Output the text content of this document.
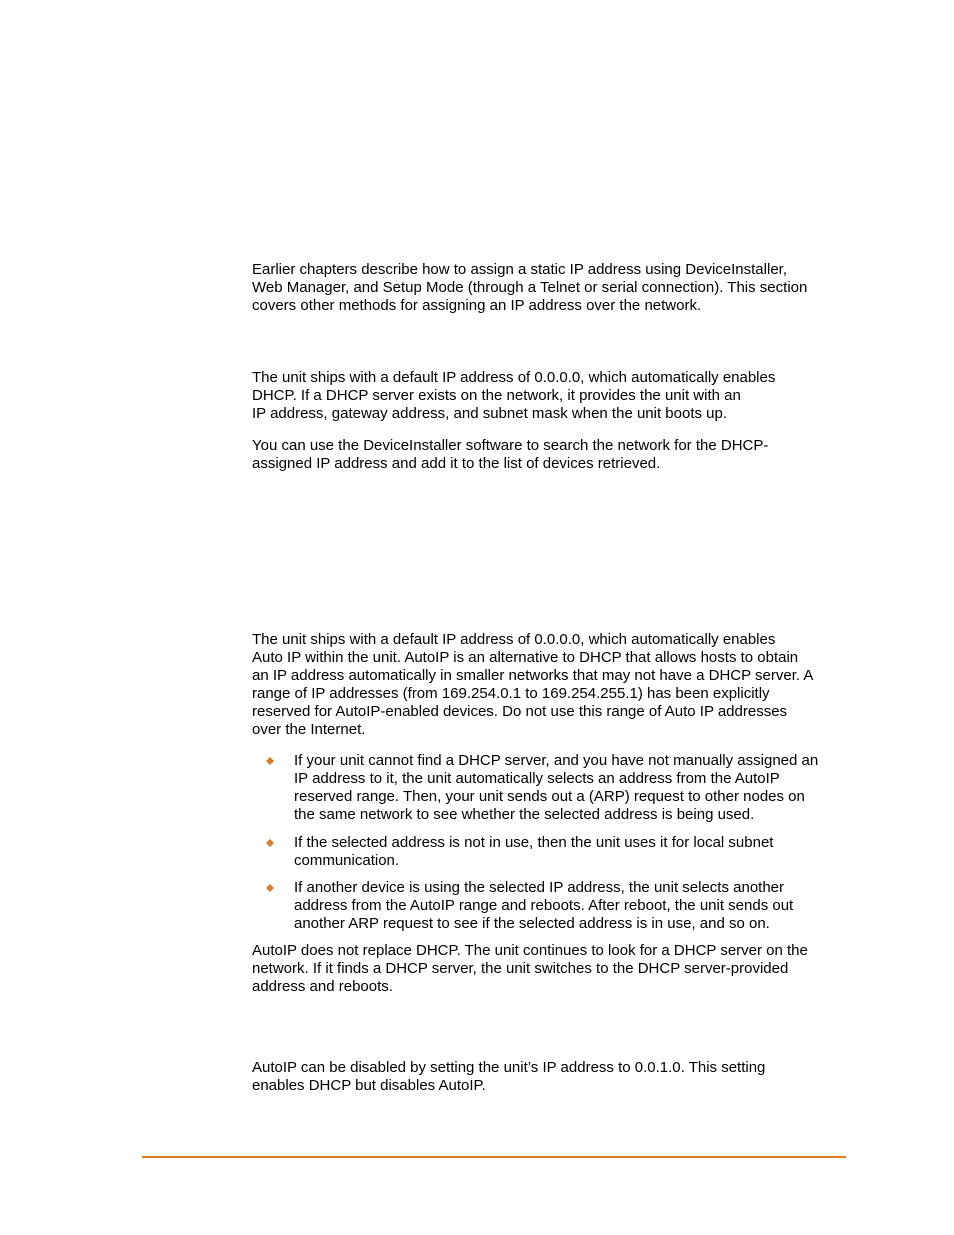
Earlier chapters describe how to assign a static IP address using DeviceInstaller,
Web Manager, and Setup Mode (through a Telnet or serial connection). This section
covers other methods for assigning an IP address over the network.

The unit ships with a default IP address of 0.0.0.0, which automatically enables
DHCP. If a DHCP server exists on the network, it provides the unit with an
IP address, gateway address, and subnet mask when the unit boots up.

You can use the DeviceInstaller software to search the network for the DHCP-
assigned IP address and add it to the list of devices retrieved.

The unit ships with a default IP address of 0.0.0.0, which automatically enables
Auto IP within the unit. AutoIP is an alternative to DHCP that allows hosts to obtain
an IP address automatically in smaller networks that may not have a DHCP server. A
range of IP addresses (from 169.254.0.1 to 169.254.255.1) has been explicitly
reserved for AutoIP-enabled devices. Do not use this range of Auto IP addresses
over the Internet.

If your unit cannot find a DHCP server, and you have not manually assigned an
IP address to it, the unit automatically selects an address from the AutoIP
reserved range. Then, your unit sends out a (ARP) request to other nodes on
the same network to see whether the selected address is being used.
If the selected address is not in use, then the unit uses it for local subnet
communication.
If another device is using the selected IP address, the unit selects another
address from the AutoIP range and reboots. After reboot, the unit sends out
another ARP request to see if the selected address is in use, and so on.

AutoIP does not replace DHCP. The unit continues to look for a DHCP server on the
network. If it finds a DHCP server, the unit switches to the DHCP server-provided
address and reboots.

AutoIP can be disabled by setting the unit’s IP address to 0.0.1.0. This setting
enables DHCP but disables AutoIP.
